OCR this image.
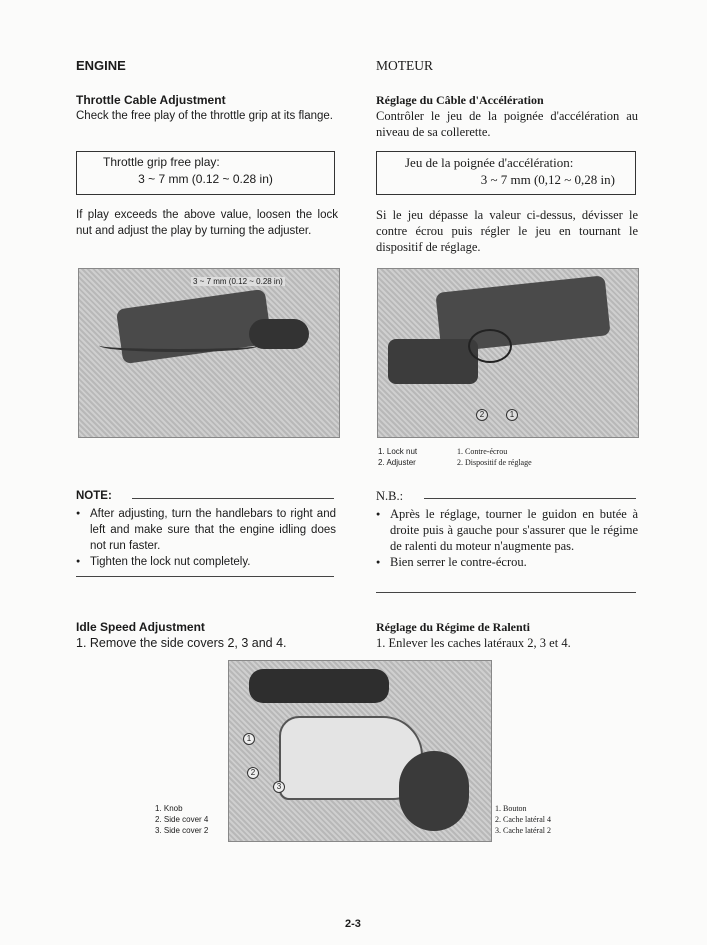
ENGINE
Throttle Cable Adjustment
Check the free play of the throttle grip at its flange.
Throttle grip free play:
3 ~ 7 mm (0.12 ~ 0.28 in)
If play exceeds the above value, loosen the lock nut and adjust the play by turning the adjuster.
3 ~ 7 mm (0.12 ~ 0.28 in)
NOTE:
● After adjusting, turn the handlebars to right and left and make sure that the engine idling does not run faster.
● Tighten the lock nut completely.
Idle Speed Adjustment
1. Remove the side covers 2, 3 and 4.
MOTEUR
Réglage du Câble d'Accélération
Contrôler le jeu de la poignée d'accélération au niveau de sa collerette.
Jeu de la poignée d'accélération:
3 ~ 7 mm (0,12 ~ 0,28 in)
Si le jeu dépasse la valeur ci-dessus, dévisser le contre écrou puis régler le jeu en tournant le dispositif de réglage.
2	1
1. Lock nut
2. Adjuster
1. Contre-écrou
2. Dispositif de réglage
N.B.:
● Après le réglage, tourner le guidon en butée à droite puis à gauche pour s'assurer que le régime de ralenti du moteur n'augmente pas.
● Bien serrer le contre-écrou.
Réglage du Régime de Ralenti
1. Enlever les caches latéraux 2, 3 et 4.
1
2
3
1. Knob
2. Side cover 4
3. Side cover 2
1. Bouton
2. Cache latéral 4
3. Cache latéral 2
2-3
